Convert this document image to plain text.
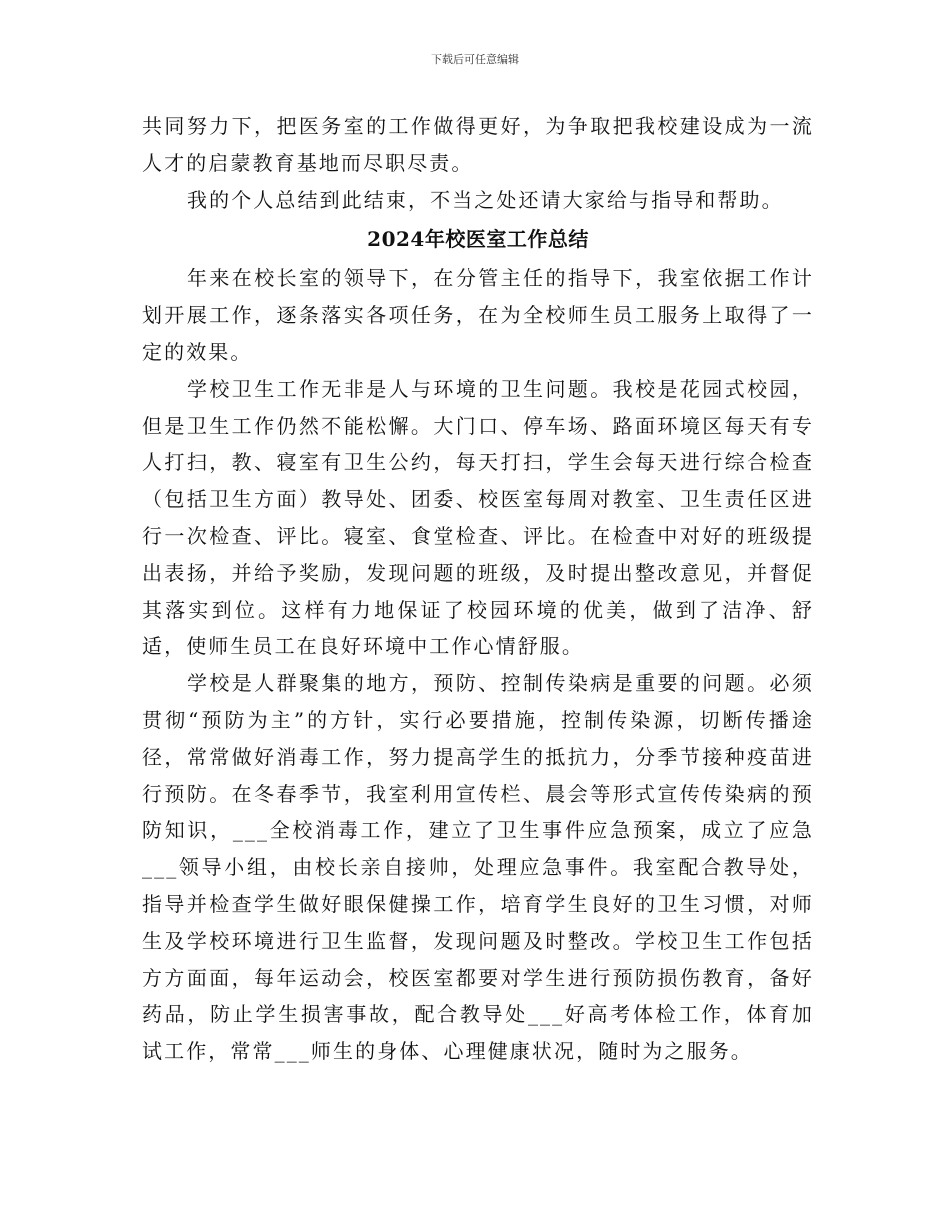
下载后可任意编辑

共同努力下，把医务室的工作做得更好，为争取把我校建设成为一流人才的启蒙教育基地而尽职尽责。

我的个人总结到此结束，不当之处还请大家给与指导和帮助。

2024年校医室工作总结

年来在校长室的领导下，在分管主任的指导下，我室依据工作计划开展工作，逐条落实各项任务，在为全校师生员工服务上取得了一定的效果。

学校卫生工作无非是人与环境的卫生问题。我校是花园式校园，但是卫生工作仍然不能松懈。大门口、停车场、路面环境区每天有专人打扫，教、寝室有卫生公约，每天打扫，学生会每天进行综合检查（包括卫生方面）教导处、团委、校医室每周对教室、卫生责任区进行一次检查、评比。寝室、食堂检查、评比。在检查中对好的班级提出表扬，并给予奖励，发现问题的班级，及时提出整改意见，并督促其落实到位。这样有力地保证了校园环境的优美，做到了洁净、舒适，使师生员工在良好环境中工作心情舒服。

学校是人群聚集的地方，预防、控制传染病是重要的问题。必须贯彻“预防为主”的方针，实行必要措施，控制传染源，切断传播途径，常常做好消毒工作，努力提高学生的抵抗力，分季节接种疫苗进行预防。在冬春季节，我室利用宣传栏、晨会等形式宣传传染病的预防知识，___全校消毒工作，建立了卫生事件应急预案，成立了应急___领导小组，由校长亲自接帅，处理应急事件。我室配合教导处，指导并检查学生做好眼保健操工作，培育学生良好的卫生习惯，对师生及学校环境进行卫生监督，发现问题及时整改。学校卫生工作包括方方面面，每年运动会，校医室都要对学生进行预防损伤教育，备好药品，防止学生损害事故，配合教导处___好高考体检工作，体育加试工作，常常___师生的身体、心理健康状况，随时为之服务。
